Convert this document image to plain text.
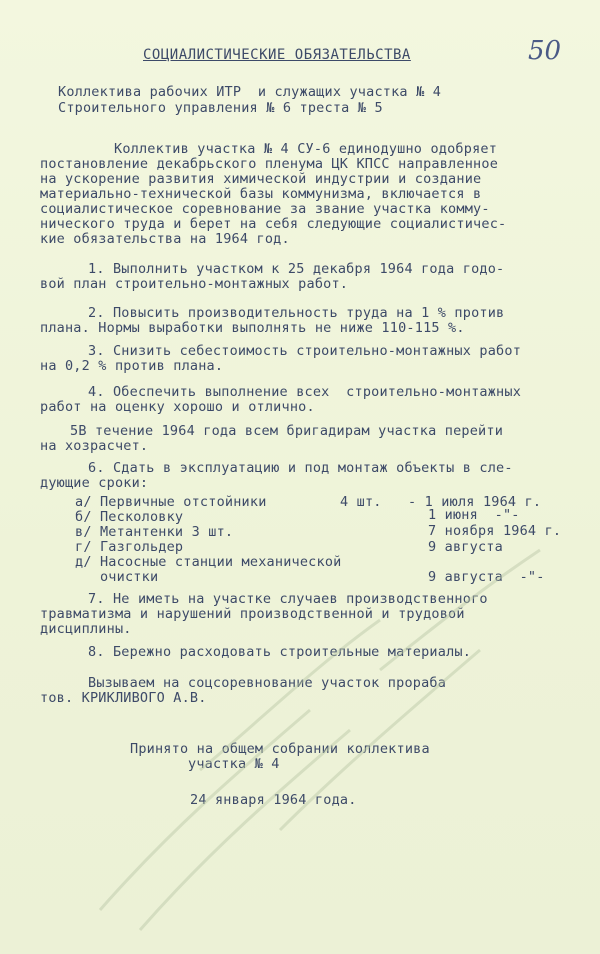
50
СОЦИАЛИСТИЧЕСКИЕ ОБЯЗАТЕЛЬСТВА
Коллектива рабочих ИТР  и служащих участка № 4
Строительного управления № 6 треста № 5
Коллектив участка № 4 СУ-6 единодушно одобряет
постановление декабрьского пленума ЦК КПСС направленное
на ускорение развития химической индустрии и создание
материально-технической базы коммунизма, включается в
социалистическое соревнование за звание участка комму-
нического труда и берет на себя следующие социалистичес-
кие обязательства на 1964 год.
1. Выполнить участком к 25 декабря 1964 года годо-
вой план строительно-монтажных работ.
2. Повысить производительность труда на 1 % против
плана. Нормы выработки выполнять не ниже 110-115 %.
3. Снизить себестоимость строительно-монтажных работ
на 0,2 % против плана.
4. Обеспечить выполнение всех  строительно-монтажных
работ на оценку хорошо и отлично.
5В течение 1964 года всем бригадирам участка перейти
на хозрасчет.
6. Сдать в эксплуатацию и под монтаж объекты в сле-
дующие сроки:
а/ Первичные отстойники	4 шт. - 1 июля 1964 г.
б/ Песколовку	1 июня  -"-
в/ Метантенки 3 шт.	7 ноября 1964 г.
г/ Газгольдер	9 августа
д/ Насосные станции механической
очистки	9 августа  -"-
7. Не иметь на участке случаев производственного
травматизма и нарушений производственной и трудовой
дисциплины.
8. Бережно расходовать строительные материалы.
Вызываем на соцсоревнование участок прораба
тов. КРИКЛИВОГО А.В.
Принято на общем собрании коллектива
участка № 4
24 января 1964 года.
